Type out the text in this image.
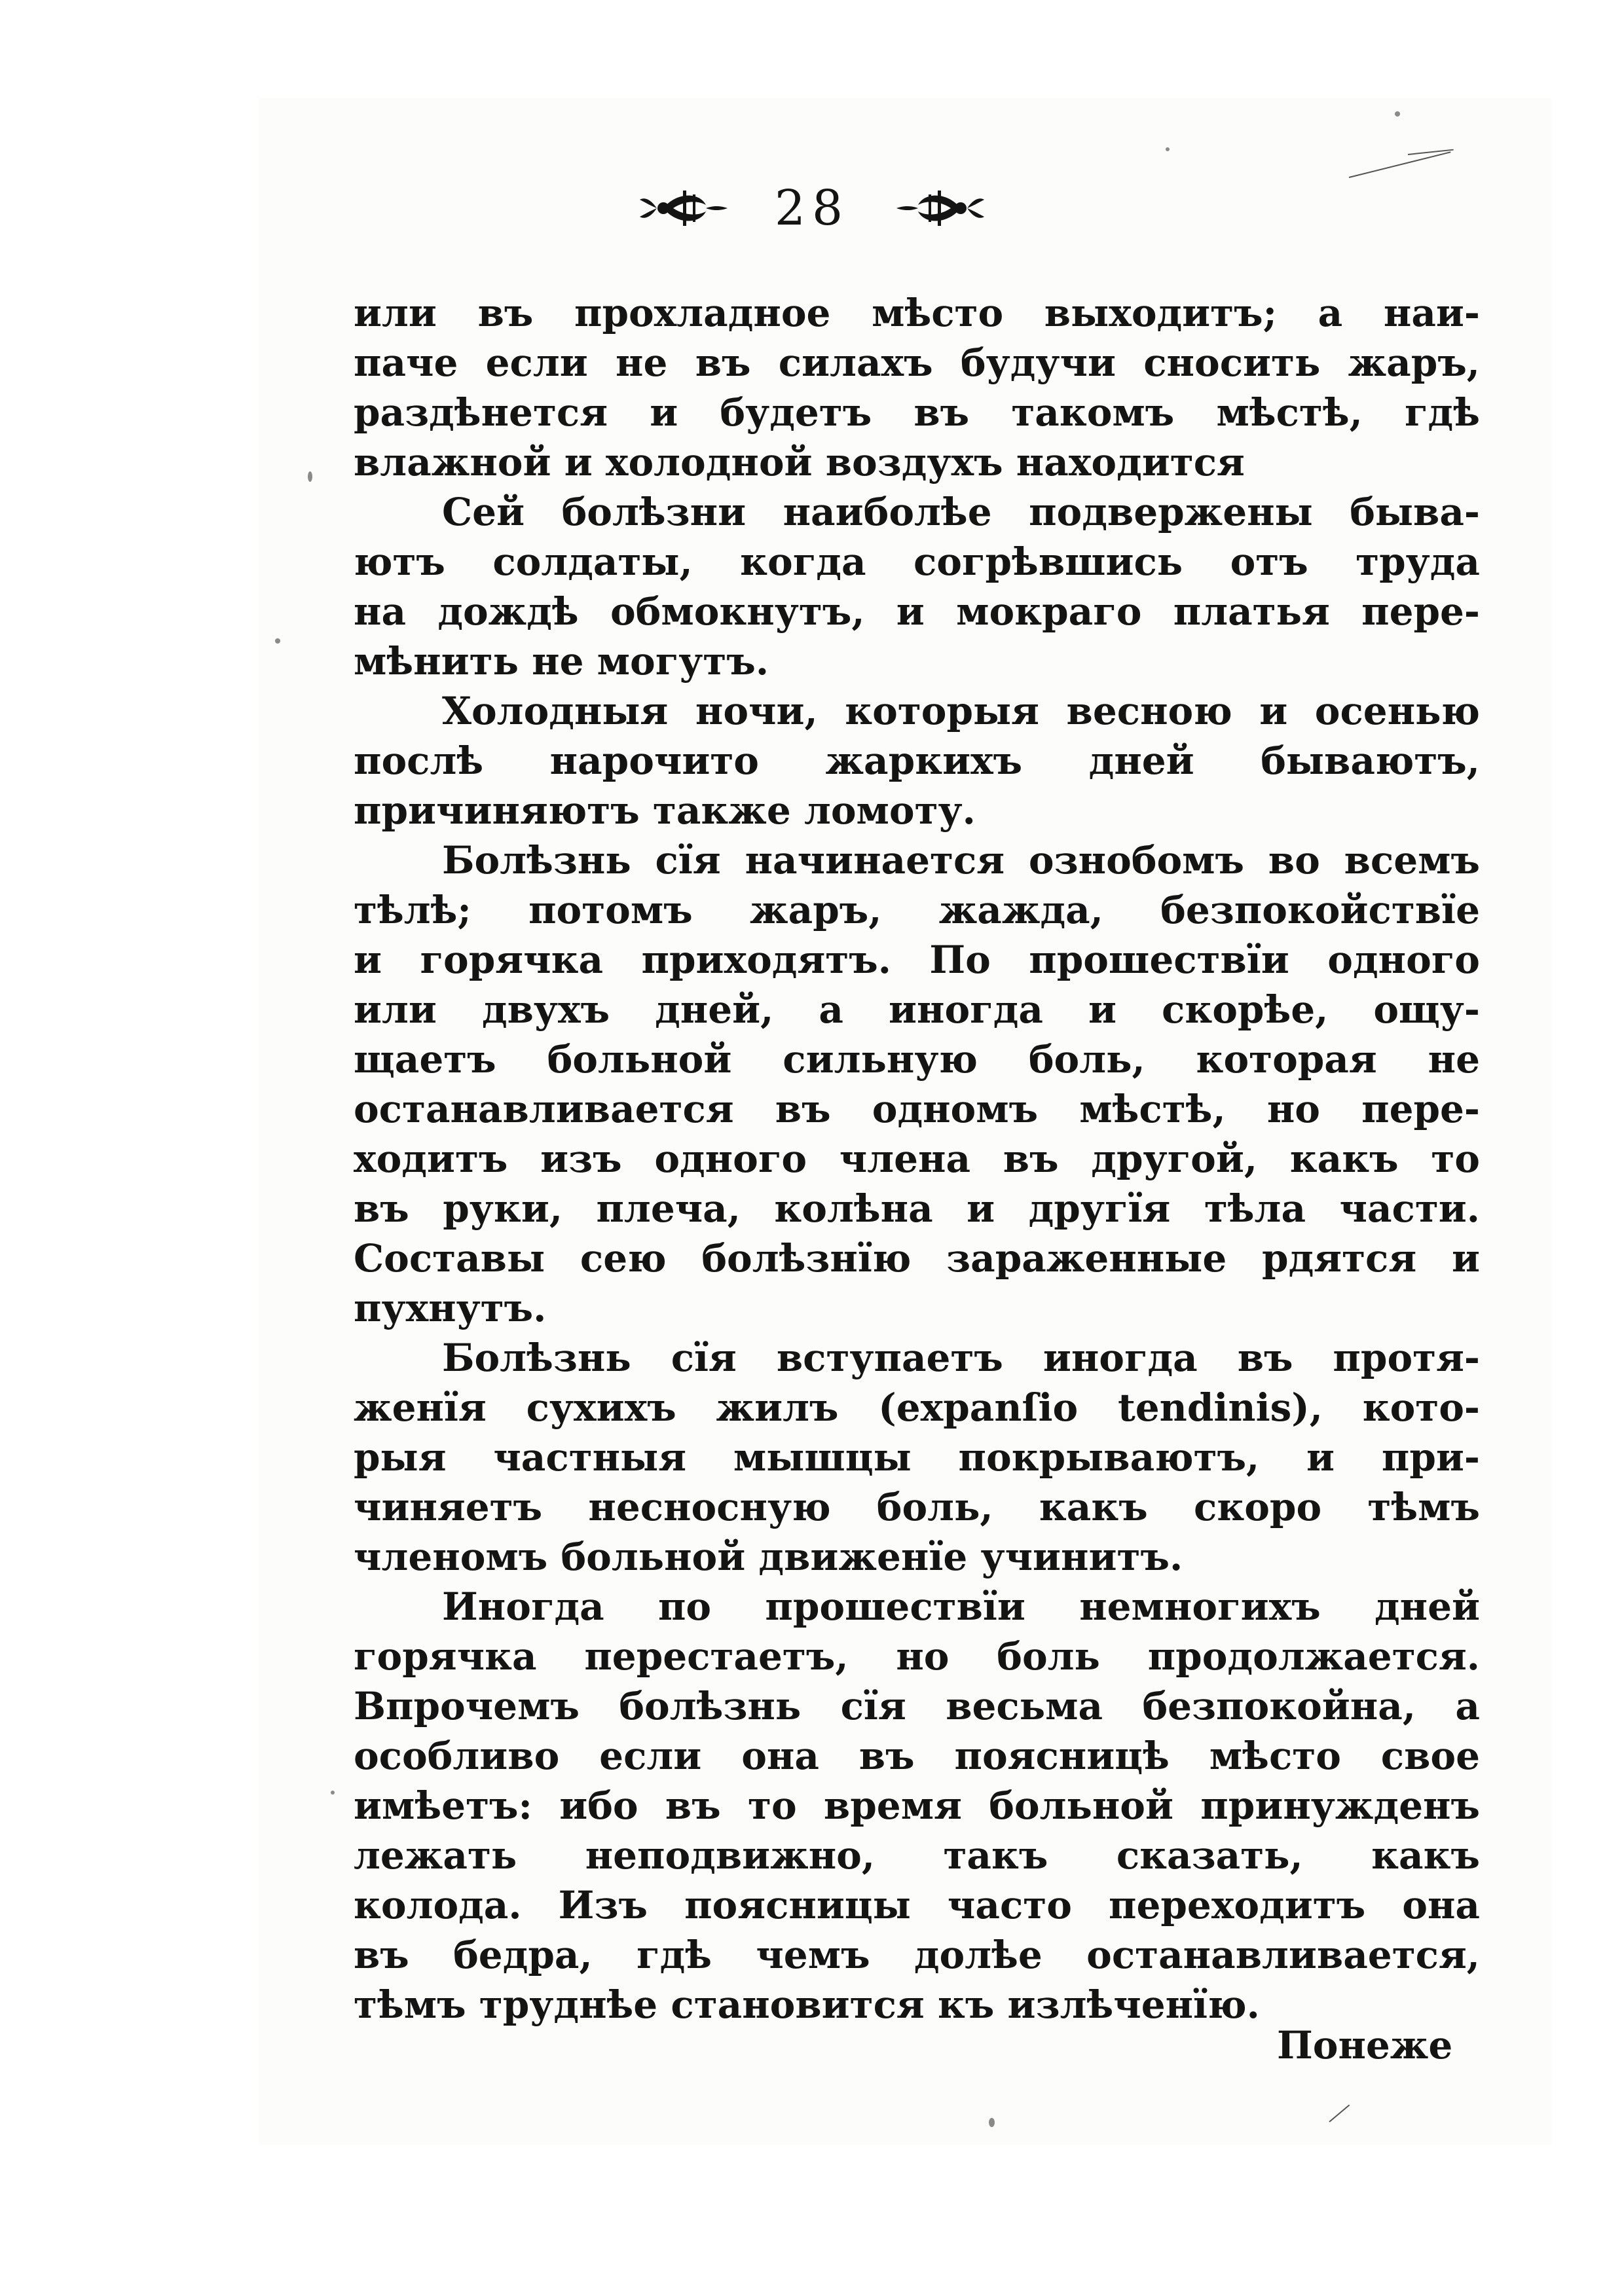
28
или въ прохладное мѣсто выходитъ; а наи-
паче если не въ силахъ будучи сносить жаръ,
раздѣнется и будетъ въ такомъ мѣстѣ, гдѣ
влажной и холодной воздухъ находится
Сей болѣзни наиболѣе подвержены быва-
ютъ солдаты, когда согрѣвшись отъ труда
на дождѣ обмокнутъ, и мокраго платья пере-
мѣнить не могутъ.
Холодныя ночи, которыя весною и осенью
послѣ нарочито жаркихъ дней бываютъ,
причиняютъ также ломоту.
Болѣзнь сїя начинается ознобомъ во всемъ
тѣлѣ; потомъ жаръ, жажда, безпокойствїе
и горячка приходятъ. По прошествїи одного
или двухъ дней, а иногда и скорѣе, ощу-
щаетъ больной сильную боль, которая не
останавливается въ одномъ мѣстѣ, но пере-
ходитъ изъ одного члена въ другой, какъ то
въ руки, плеча, колѣна и другїя тѣла части.
Составы сею болѣзнїю зараженные рдятся и
пухнутъ.
Болѣзнь сїя вступаетъ иногда въ протя-
женїя сухихъ жилъ (expanſio tendinis), кото-
рыя частныя мышцы покрываютъ, и при-
чиняетъ несносную боль, какъ скоро тѣмъ
членомъ больной движенїе учинитъ.
Иногда по прошествїи немногихъ дней
горячка перестаетъ, но боль продолжается.
Впрочемъ болѣзнь сїя весьма безпокойна, а
особливо если она въ поясницѣ мѣсто свое
имѣетъ: ибо въ то время больной принужденъ
лежать неподвижно, такъ сказать, какъ
колода. Изъ поясницы часто переходитъ она
въ бедра, гдѣ чемъ долѣе останавливается,
тѣмъ труднѣе становится къ излѣченїю.
Понеже
